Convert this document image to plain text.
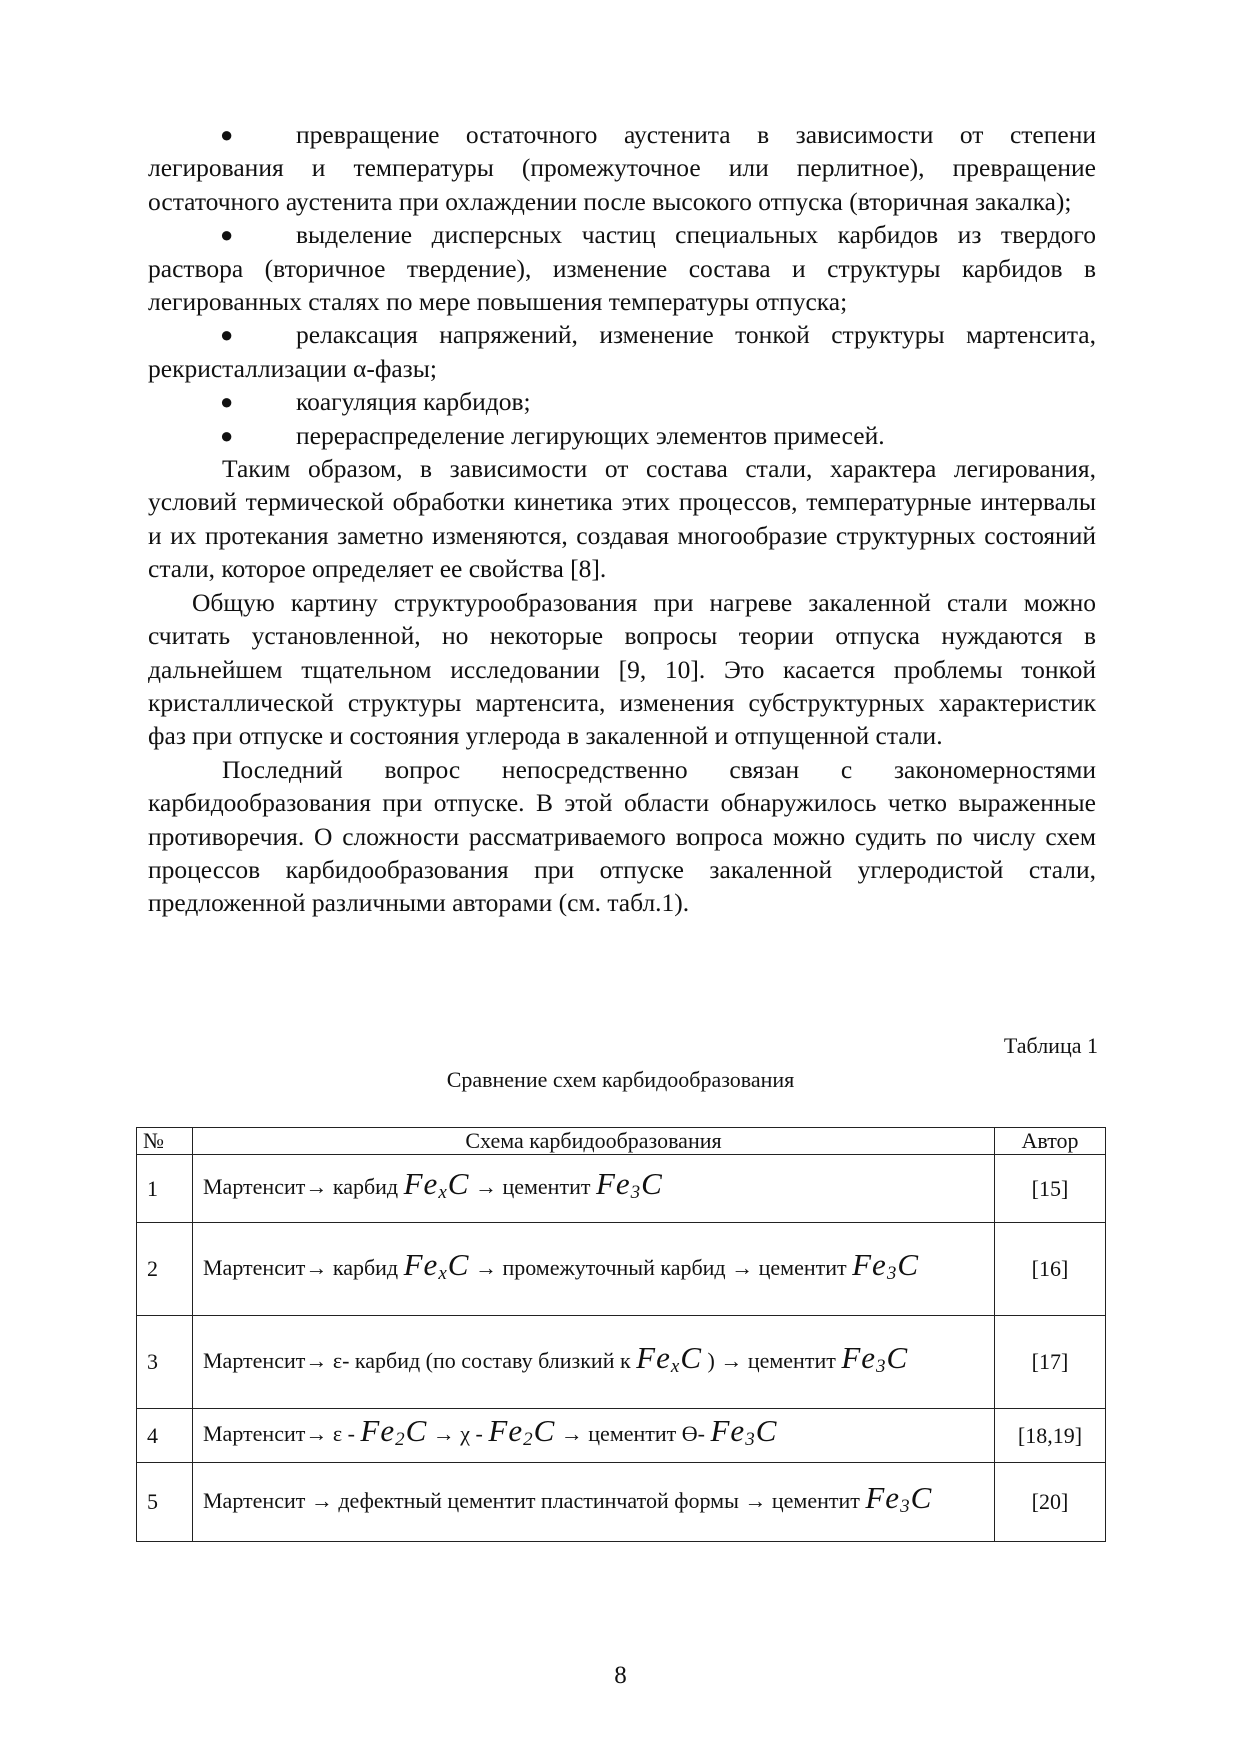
● превращение остаточного аустенита в зависимости от степени легирования и температуры (промежуточное или перлитное), превращение остаточного аустенита при охлаждении после высокого отпуска (вторичная закалка);
● выделение дисперсных частиц специальных карбидов из твердого раствора (вторичное твердение), изменение состава и структуры карбидов в легированных сталях по мере повышения температуры отпуска;
● релаксация напряжений, изменение тонкой структуры мартенсита, рекристаллизации α-фазы;
● коагуляция карбидов;
● перераспределение легирующих элементов примесей.

Таким образом, в зависимости от состава стали, характера легирования, условий термической обработки кинетика этих процессов, температурные интервалы и их протекания заметно изменяются, создавая многообразие структурных состояний стали, которое определяет ее свойства [8].

Общую картину структурообразования при нагреве закаленной стали можно считать установленной, но некоторые вопросы теории отпуска нуждаются в дальнейшем тщательном исследовании [9, 10]. Это касается проблемы тонкой кристаллической структуры мартенсита, изменения субструктурных характеристик фаз при отпуске и состояния углерода в закаленной и отпущенной стали.

Последний вопрос непосредственно связан с закономерностями карбидообразования при отпуске. В этой области обнаружилось четко выраженные противоречия. О сложности рассматриваемого вопроса можно судить по числу схем процессов карбидообразования при отпуске закаленной углеродистой стали, предложенной различными авторами (см. табл.1).

Таблица 1
Сравнение схем карбидообразования
№	Схема карбидообразования	Автор
1	Мартенсит→ карбид $Fe_xC$ → цементит $Fe_3C$	[15]
2	Мартенсит→ карбид $Fe_xC$ → промежуточный карбид → цементит $Fe_3C$	[16]
3	Мартенсит→ ε- карбид (по составу близкий к $Fe_xC$ ) → цементит $Fe_3C$	[17]
4	Мартенсит→ $\varepsilon - Fe_2C \to \chi - Fe_2C$ → цементит ϴ- $Fe_3C$	[18,19]
5	Мартенсит → дефектный цементит пластинчатой формы → цементит $Fe_3C$	[20]
8
